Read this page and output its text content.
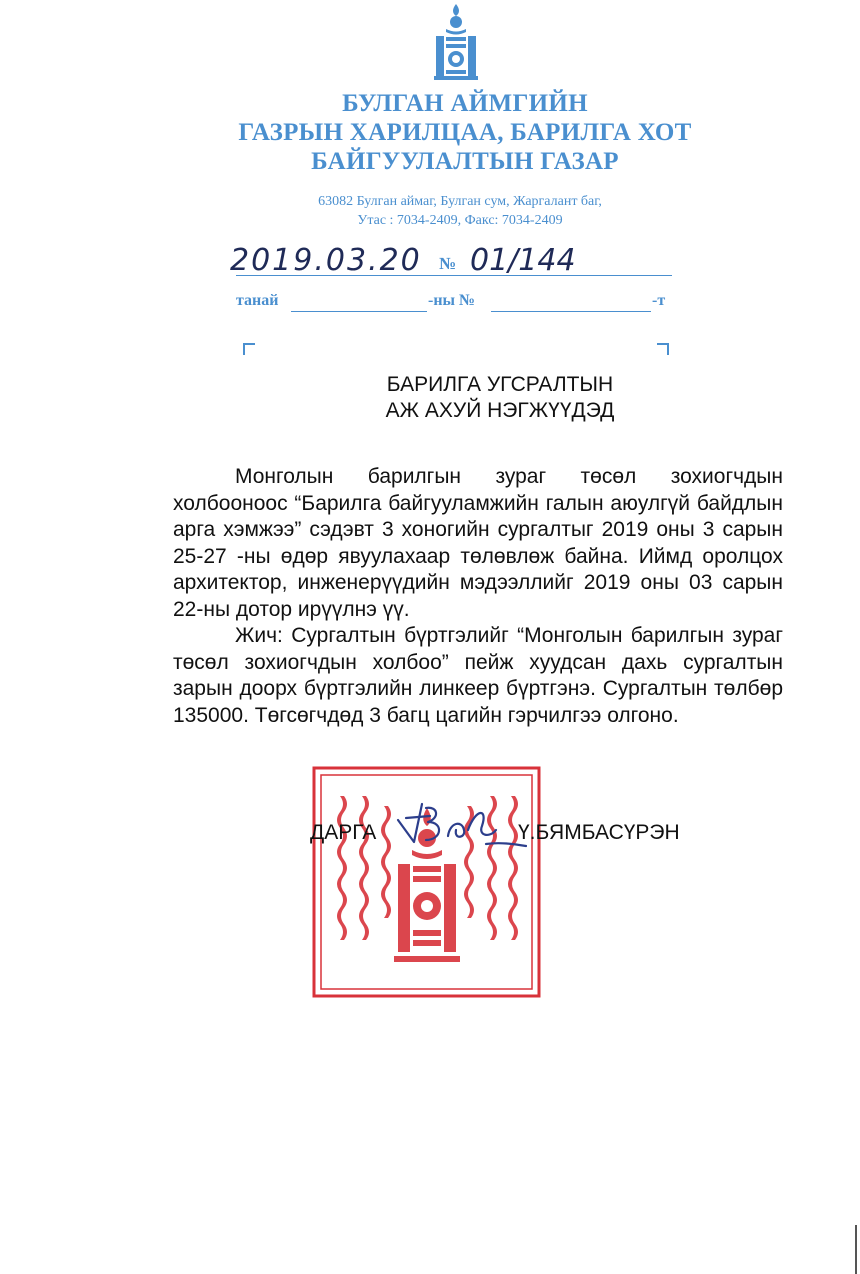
БУЛГАН АЙМГИЙН
ГАЗРЫН ХАРИЛЦАА, БАРИЛГА ХОТ
БАЙГУУЛАЛТЫН ГАЗАР
63082 Булган аймаг, Булган сум, Жаргалант баг,
Утас : 7034-2409, Факс: 7034-2409
2019.03.20 № 01/144
танай	-ны №	-т
БАРИЛГА УГСРАЛТЫН
АЖ АХУЙ НЭГЖҮҮДЭД
Монголын барилгын зураг төсөл зохиогчдын холбооноос “Барилга байгууламжийн галын аюулгүй байдлын арга хэмжээ” сэдэвт 3 хоногийн сургалтыг 2019 оны 3 сарын 25-27 -ны өдөр явуулахаар төлөвлөж байна. Иймд оролцох архитектор, инженерүүдийн мэдээллийг 2019 оны 03 сарын 22-ны дотор ирүүлнэ үү.
Жич: Сургалтын бүртгэлийг “Монголын барилгын зураг төсөл зохиогчдын холбоо” пейж хуудсан дахь сургалтын зарын доорх бүртгэлийн линкеер бүртгэнэ. Сургалтын төлбөр 135000. Төгсөгчдөд 3 багц цагийн гэрчилгээ олгоно.
ДАРГА	Ү.БЯМБАСҮРЭН
